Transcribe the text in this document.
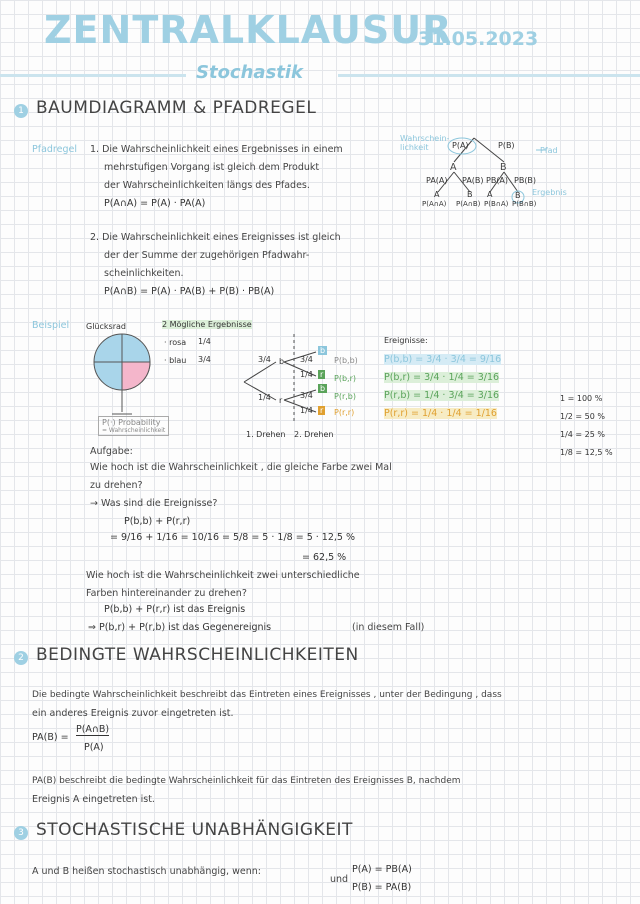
ZENTRALKLAUSUR
31.05.2023
Stochastik
1 BAUMDIAGRAMM & PFADREGEL
Pfadregel 1. Die Wahrscheinlichkeit eines Ergebnisses in einem
mehrstufigen Vorgang ist gleich dem Produkt
der Wahrscheinlichkeiten längs des Pfades.
P(A∩A) = P(A) · PA(A)
2. Die Wahrscheinlichkeit eines Ereignisses ist gleich
der der Summe der zugehörigen Pfadwahr-
scheinlichkeiten.
P(A∩B) = P(A) · PA(B) + P(B) · PB(A)
Wahrschein-
lichkeit	P(A)	P(B)
Pfad
A	B
PA(A) PA(B) PB(A) PB(B)
A	B A	B Ergebnis
P(A∩A) P(A∩B) P(B∩A) P(B∩B)
Beispiel Glücksrad	2 Mögliche Ergebnisse
· rosa 1/4
· blau 3/4
P(·) Probability
= Wahrscheinlichkeit
3/4
1/4
b
r
3/4
1/4
3/4
1/4
b
r
b
r
P(b,b)
P(b,r)
P(r,b)
P(r,r)
1. Drehen 2. Drehen
Ereignisse:
P(b,b) = 3/4 · 3/4 = 9/16
P(b,r) = 3/4 · 1/4 = 3/16
P(r,b) = 1/4 · 3/4 = 3/16
P(r,r) = 1/4 · 1/4 = 1/16
1 = 100 %
1/2 = 50 %
1/4 = 25 %
1/8 = 12,5 %
Aufgabe:
Wie hoch ist die Wahrscheinlichkeit , die gleiche Farbe zwei Mal
zu drehen?
→ Was sind die Ereignisse?
P(b,b) + P(r,r)
= 9/16 + 1/16 = 10/16 = 5/8 = 5 · 1/8 = 5 · 12,5 %
= 62,5 %
Wie hoch ist die Wahrscheinlichkeit zwei unterschiedliche
Farben hintereinander zu drehen?
P(b,b) + P(r,r) ist das Ereignis
⇒ P(b,r) + P(r,b) ist das Gegenereignis	(in diesem Fall)
2 BEDINGTE WAHRSCHEINLICHKEITEN
Die bedingte Wahrscheinlichkeit beschreibt das Eintreten eines Ereignisses , unter der Bedingung , dass
ein anderes Ereignis zuvor eingetreten ist.
PA(B) =
P(A∩B)
P(A)
PA(B) beschreibt die bedingte Wahrscheinlichkeit für das Eintreten des Ereignisses B, nachdem
Ereignis A eingetreten ist.
3 STOCHASTISCHE UNABHÄNGIGKEIT
A und B heißen stochastisch unabhängig, wenn:
und
P(A) = PB(A)
P(B) = PA(B)
